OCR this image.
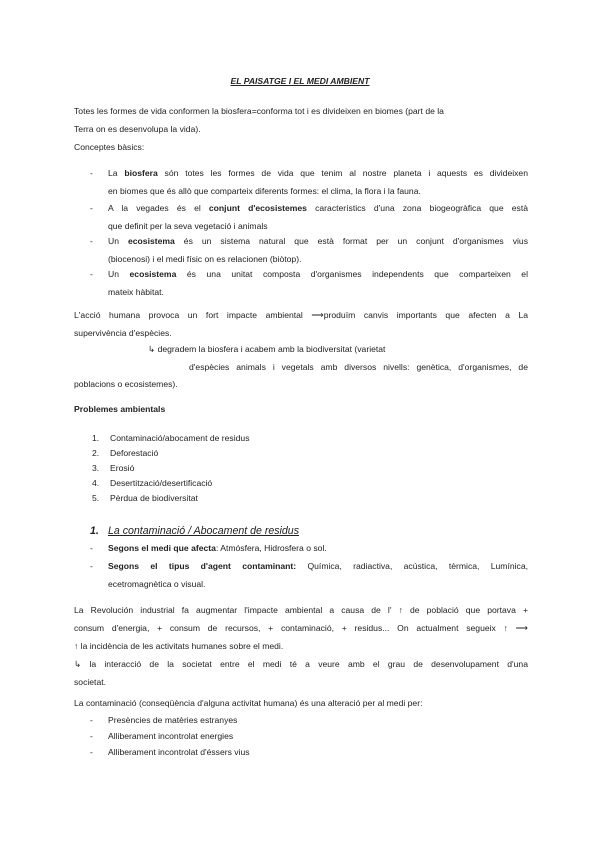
EL PAISATGE I EL MEDI AMBIENT
Totes les formes de vida conformen la biosfera=conforma tot i es divideixen en biomes (part de la
Terra on es desenvolupa la vida).
Conceptes bàsics:
- La biosfera són totes les formes de vida que tenim al nostre planeta i aquests es divideixen
en biomes que és allò que comparteix diferents formes: el clima, la flora i la fauna.
- A la vegades és el conjunt d'ecosistemes característics d'una zona biogeogràfica que està
que definit per la seva vegetació i animals
- Un ecosistema és un sistema natural que està format per un conjunt d'organismes vius
(biocenosi) i el medi físic on es relacionen (biòtop).
- Un ecosistema és una unitat composta d'organismes independents que comparteixen el
mateix hàbitat.
L'acció humana provoca un fort impacte ambiental ⟶produïm canvis importants que afecten a La
supervivència d'espècies.
↳ degradem la biosfera i acabem amb la biodiversitat (varietat
d'espècies animals i vegetals amb diversos nivells: genètica, d'organismes, de
poblacions o ecosistemes).
Problemes ambientals
1. Contaminació/abocament de residus
2. Deforestació
3. Erosió
4. Desertització/desertificació
5. Pèrdua de biodiversitat
1. La contaminació / Abocament de residus
- Segons el medi que afecta: Atmósfera, Hidrosfera o sol.
- Segons el tipus d'agent contaminant: Química, radiactiva, acústica, tèrmica, Lumínica,
ecetromagnètica o visual.
La Revolución industrial fa augmentar l'impacte ambiental a causa de l' ↑ de població que portava +
consum d'energia, + consum de recursos, + contaminació, + residus... On actualment segueix ↑ ⟶
↑ la incidència de les activitats humanes sobre el medi.
↳ la interacció de la societat entre el medi té a veure amb el grau de desenvolupament d'una
societat.
La contaminació (conseqüència d'alguna activitat humana) és una alteració per al medi per:
- Presències de matèries estranyes
- Alliberament incontrolat energies
- Alliberament incontrolat d'éssers vius
